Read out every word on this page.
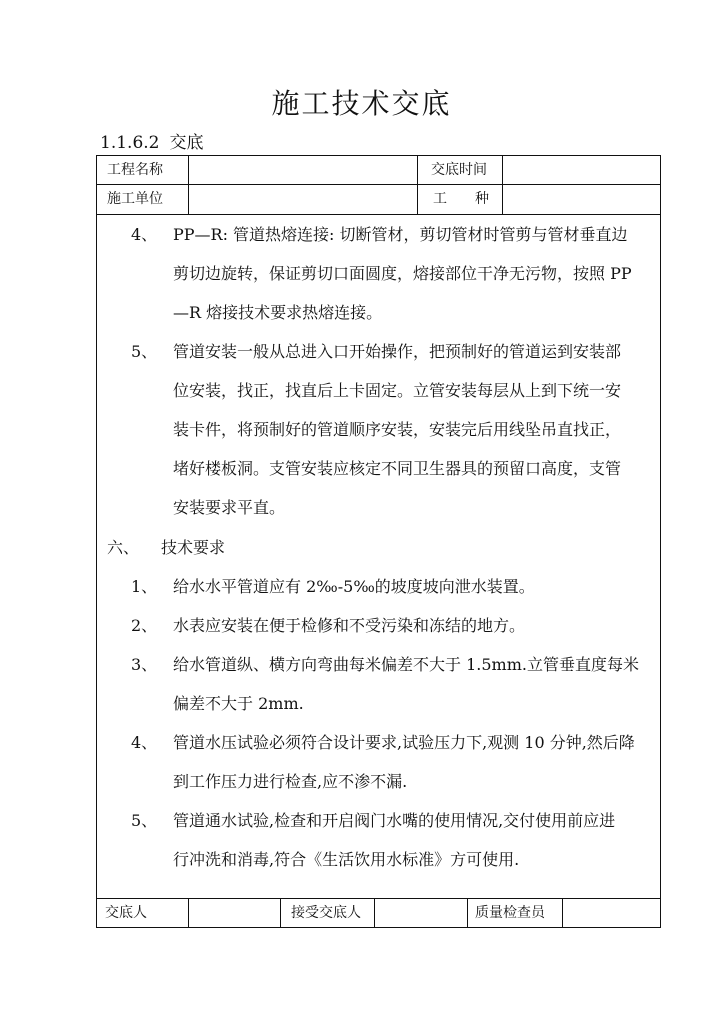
施工技术交底
1.1.6.2 交底
工程名称	交底时间
施工单位	工　　种
4、 PP—R: 管道热熔连接: 切断管材，剪切管材时管剪与管材垂直边
剪切边旋转，保证剪切口面圆度，熔接部位干净无污物，按照 PP
—R 熔接技术要求热熔连接。
5、 管道安装一般从总进入口开始操作，把预制好的管道运到安装部
位安装，找正，找直后上卡固定。立管安装每层从上到下统一安
装卡件，将预制好的管道顺序安装，安装完后用线坠吊直找正，
堵好楼板洞。支管安装应核定不同卫生器具的预留口高度，支管
安装要求平直。
六、 技术要求
1、 给水水平管道应有 2‰-5‰的坡度坡向泄水装置。
2、 水表应安装在便于检修和不受污染和冻结的地方。
3、 给水管道纵、横方向弯曲每米偏差不大于 1.5mm.立管垂直度每米
偏差不大于 2mm.
4、 管道水压试验必须符合设计要求,试验压力下,观测 10 分钟,然后降
到工作压力进行检查,应不渗不漏.
5、 管道通水试验,检查和开启阀门水嘴的使用情况,交付使用前应进
行冲洗和消毒,符合《生活饮用水标准》方可使用.
交底人	接受交底人	质量检查员
